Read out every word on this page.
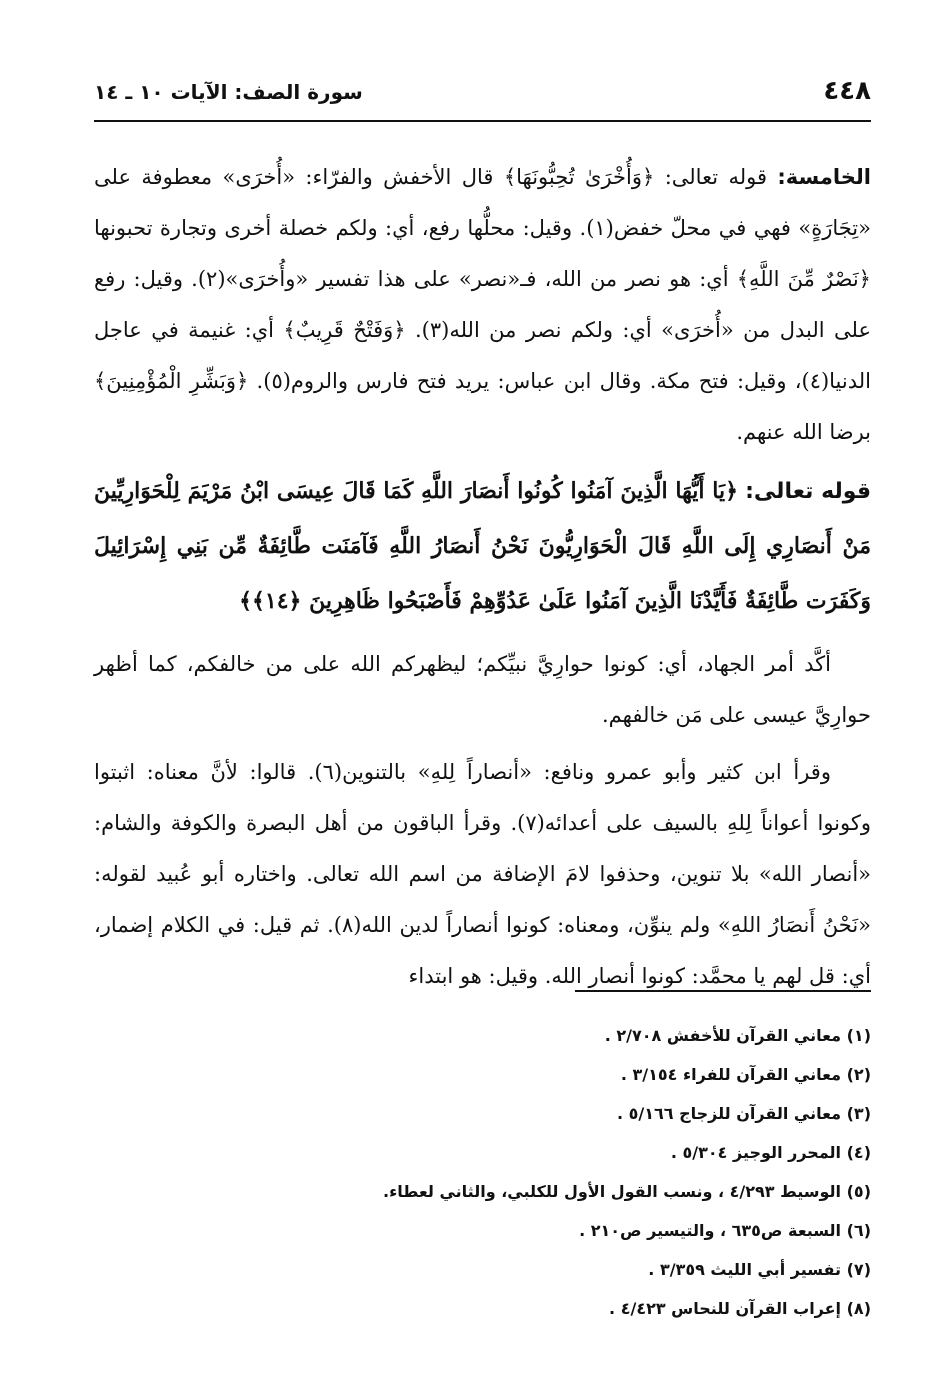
٤٤٨
سورة الصف: الآيات ١٠ ـ ١٤

الخامسة: قوله تعالى: ﴿وَأُخْرَىٰ تُحِبُّونَهَا﴾ قال الأخفش والفرّاء: «أُخرَى» معطوفة على «تِجَارَةٍ» فهي في محلّ خفض(١). وقيل: محلُّها رفع، أي: ولكم خصلة أخرى وتجارة تحبونها ﴿نَصْرٌ مِّنَ اللَّهِ﴾ أي: هو نصر من الله، فـ«نصر» على هذا تفسير «وأُخرَى»(٢). وقيل: رفع على البدل من «أُخرَى» أي: ولكم نصر من الله(٣). ﴿وَفَتْحٌ قَرِيبٌ﴾ أي: غنيمة في عاجل الدنيا(٤)، وقيل: فتح مكة. وقال ابن عباس: يريد فتح فارس والروم(٥). ﴿وَبَشِّرِ الْمُؤْمِنِينَ﴾ برضا الله عنهم.

قوله تعالى: ﴿يَا أَيُّهَا الَّذِينَ آمَنُوا كُونُوا أَنصَارَ اللَّهِ كَمَا قَالَ عِيسَى ابْنُ مَرْيَمَ لِلْحَوَارِيِّينَ مَنْ أَنصَارِي إِلَى اللَّهِ قَالَ الْحَوَارِيُّونَ نَحْنُ أَنصَارُ اللَّهِ فَآمَنَت طَّائِفَةٌ مِّن بَنِي إِسْرَائِيلَ وَكَفَرَت طَّائِفَةٌ فَأَيَّدْنَا الَّذِينَ آمَنُوا عَلَىٰ عَدُوِّهِمْ فَأَصْبَحُوا ظَاهِرِينَ ﴿١٤﴾﴾

أكَّد أمر الجهاد، أي: كونوا حوارِيَّ نبيِّكم؛ ليظهركم الله على من خالفكم، كما أظهر حوارِيَّ عيسى على مَن خالفهم.

وقرأ ابن كثير وأبو عمرو ونافع: «أنصاراً لِلهِ» بالتنوين(٦). قالوا: لأنَّ معناه: اثبتوا وكونوا أعواناً لِلهِ بالسيف على أعدائه(٧). وقرأ الباقون من أهل البصرة والكوفة والشام: «أنصار الله» بلا تنوين، وحذفوا لامَ الإضافة من اسم الله تعالى. واختاره أبو عُبيد لقوله: «نَحْنُ أَنصَارُ اللهِ» ولم ينوِّن، ومعناه: كونوا أنصاراً لدين الله(٨). ثم قيل: في الكلام إضمار، أي: قل لهم يا محمَّد: كونوا أنصار الله. وقيل: هو ابتداء

(١) معاني القرآن للأخفش ٢/٧٠٨ .

(٢) معاني القرآن للفراء ٣/١٥٤ .

(٣) معاني القرآن للزجاج ٥/١٦٦ .

(٤) المحرر الوجيز ٥/٣٠٤ .

(٥) الوسيط ٤/٢٩٣ ، ونسب القول الأول للكلبي، والثاني لعطاء.

(٦) السبعة ص٦٣٥ ، والتيسير ص٢١٠ .

(٧) تفسير أبي الليث ٣/٣٥٩ .

(٨) إعراب القرآن للنحاس ٤/٤٢٣ .
